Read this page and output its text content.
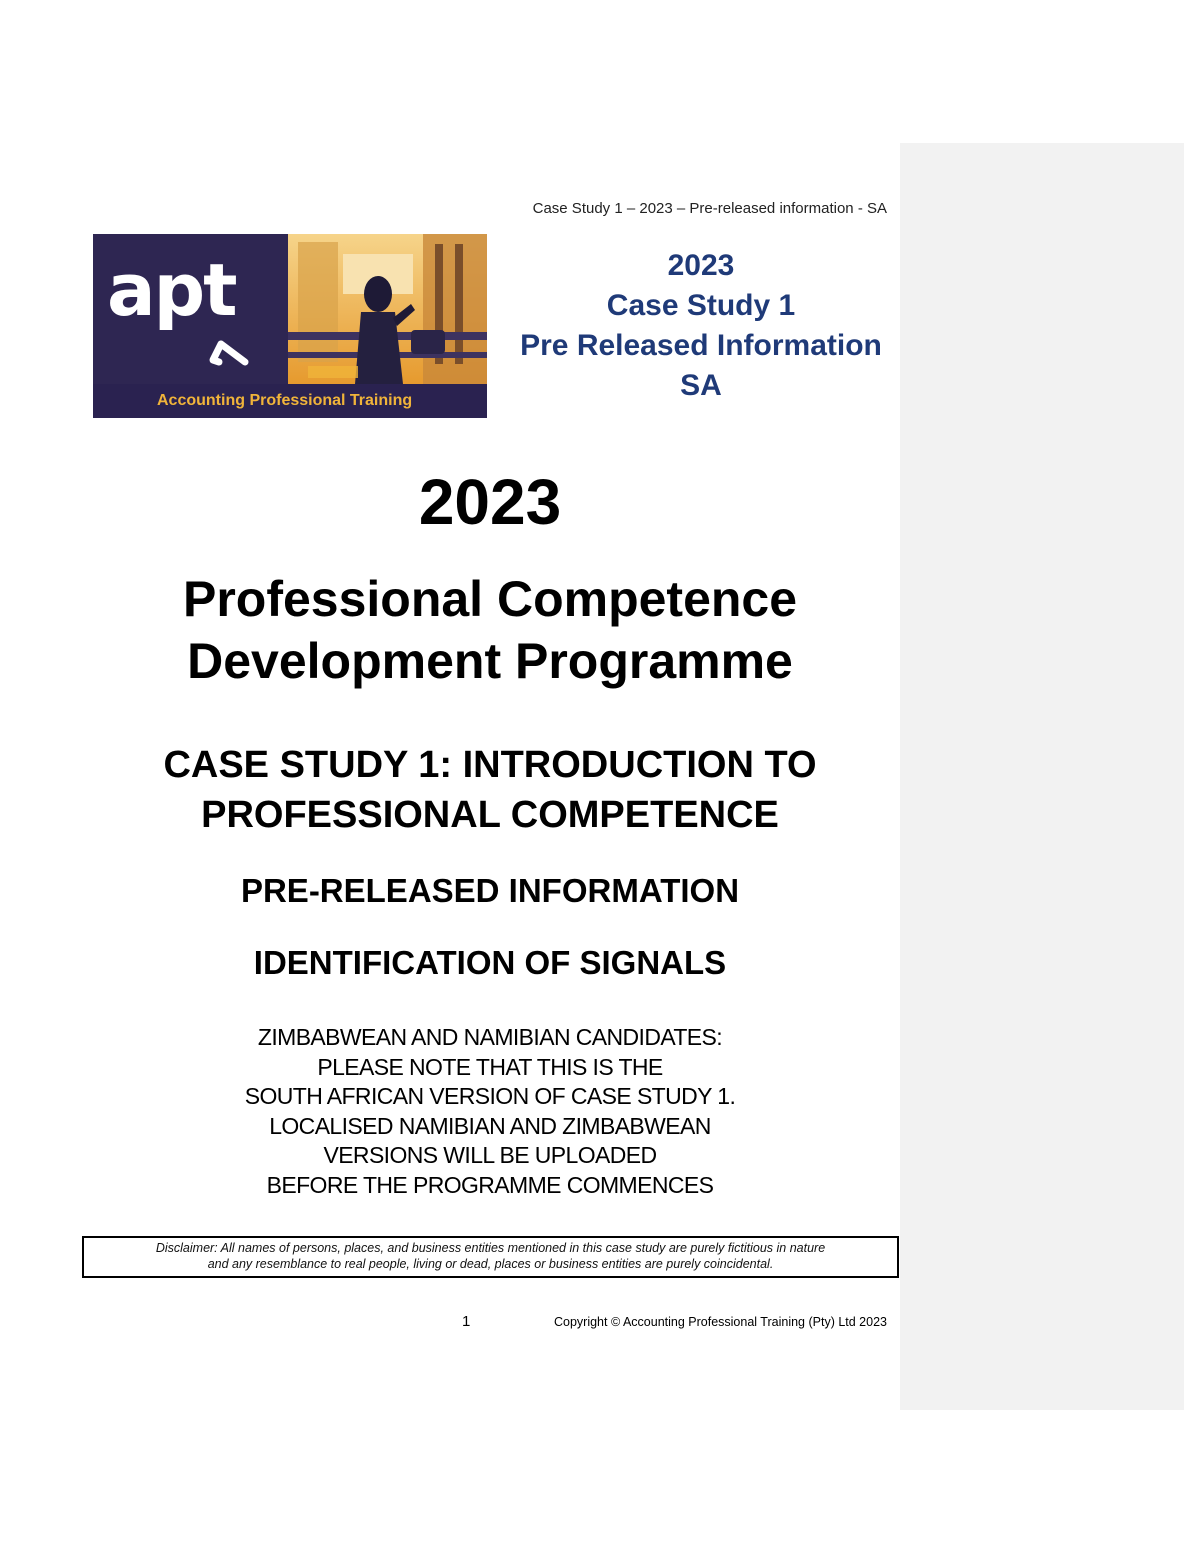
Case Study 1 – 2023 – Pre-released information - SA
apt
Accounting Professional Training
2023
Case Study 1
Pre Released Information
SA
2023
Professional Competence
Development Programme
CASE STUDY 1: INTRODUCTION TO
PROFESSIONAL COMPETENCE
PRE-RELEASED INFORMATION
IDENTIFICATION OF SIGNALS
ZIMBABWEAN AND NAMIBIAN CANDIDATES:
PLEASE NOTE THAT THIS IS THE
SOUTH AFRICAN VERSION OF CASE STUDY 1.
LOCALISED NAMIBIAN AND ZIMBABWEAN
VERSIONS WILL BE UPLOADED
BEFORE THE PROGRAMME COMMENCES
Disclaimer: All names of persons, places, and business entities mentioned in this case study are purely fictitious in nature
and any resemblance to real people, living or dead, places or business entities are purely coincidental.
1	Copyright © Accounting Professional Training (Pty) Ltd 2023
